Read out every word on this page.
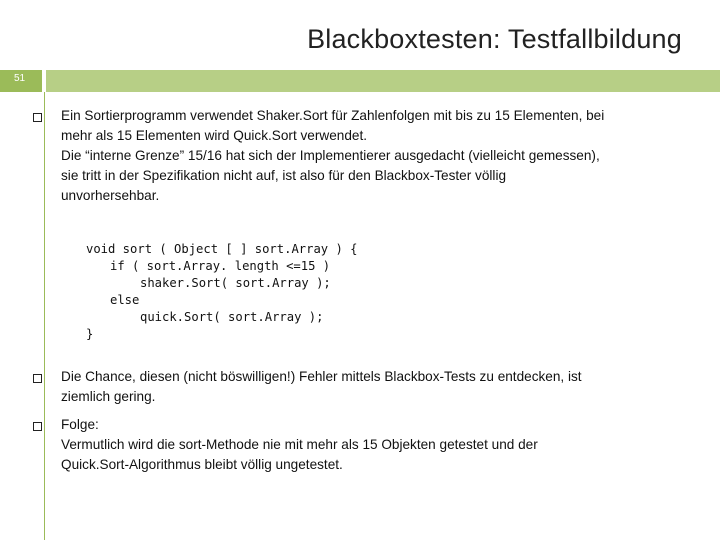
Blackboxtesten: Testfallbildung
51
Ein Sortierprogramm verwendet Shaker.Sort für Zahlenfolgen mit bis zu 15 Elementen, bei
mehr als 15 Elementen wird Quick.Sort verwendet.
Die “interne Grenze” 15/16 hat sich der Implementierer ausgedacht (vielleicht gemessen),
sie tritt in der Spezifikation nicht auf, ist also für den Blackbox-Tester völlig
unvorhersehbar.
void sort ( Object [ ] sort.Array ) {
if ( sort.Array. length <=15 )
shaker.Sort( sort.Array );
else
quick.Sort( sort.Array );
}
Die Chance, diesen (nicht böswilligen!) Fehler mittels Blackbox-Tests zu entdecken, ist
ziemlich gering.
Folge:
Vermutlich wird die sort-Methode nie mit mehr als 15 Objekten getestet und der
Quick.Sort-Algorithmus bleibt völlig ungetestet.
